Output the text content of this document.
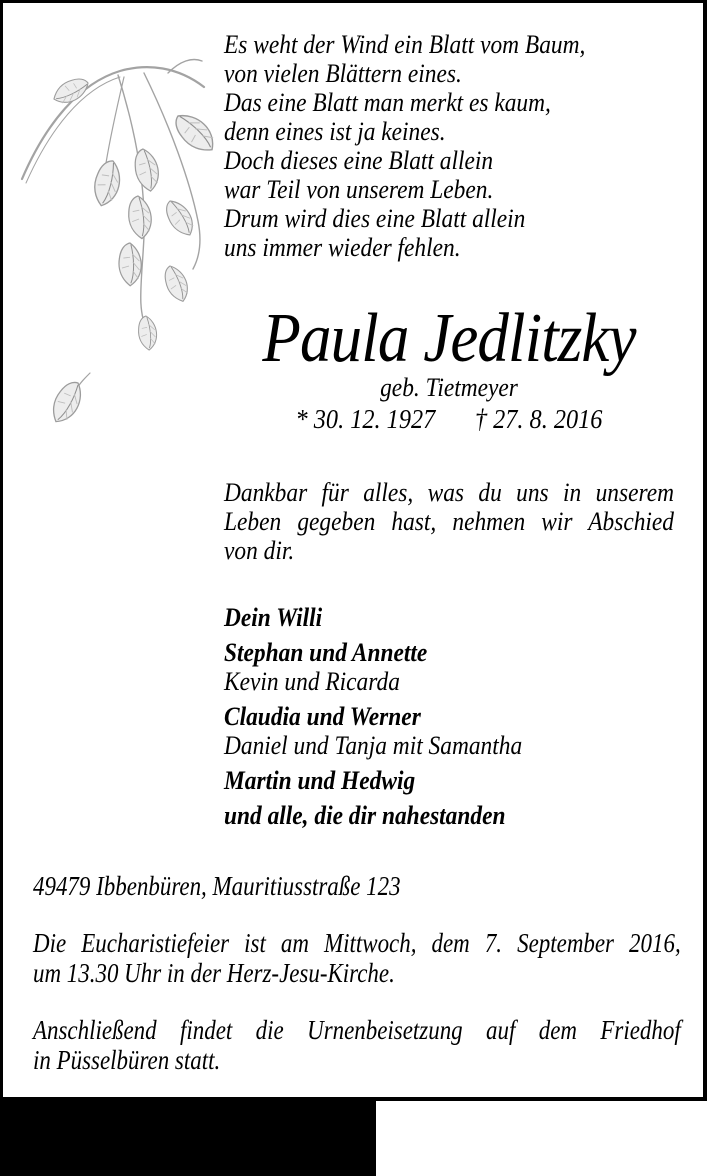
Es weht der Wind ein Blatt vom Baum,
von vielen Blättern eines.
Das eine Blatt man merkt es kaum,
denn eines ist ja keines.
Doch dieses eine Blatt allein
war Teil von unserem Leben.
Drum wird dies eine Blatt allein
uns immer wieder fehlen.
Paula Jedlitzky
geb. Tietmeyer
* 30. 12. 1927 † 27. 8. 2016
Dankbar für alles, was du uns in unserem
Leben gegeben hast, nehmen wir Abschied
von dir.
Dein Willi
Stephan und Annette
Kevin und Ricarda
Claudia und Werner
Daniel und Tanja mit Samantha
Martin und Hedwig
und alle, die dir nahestanden
49479 Ibbenbüren, Mauritiusstraße 123
Die Eucharistiefeier ist am Mittwoch, dem 7. September 2016,
um 13.30 Uhr in der Herz-Jesu-Kirche.
Anschließend findet die Urnenbeisetzung auf dem Friedhof
in Püsselbüren statt.
